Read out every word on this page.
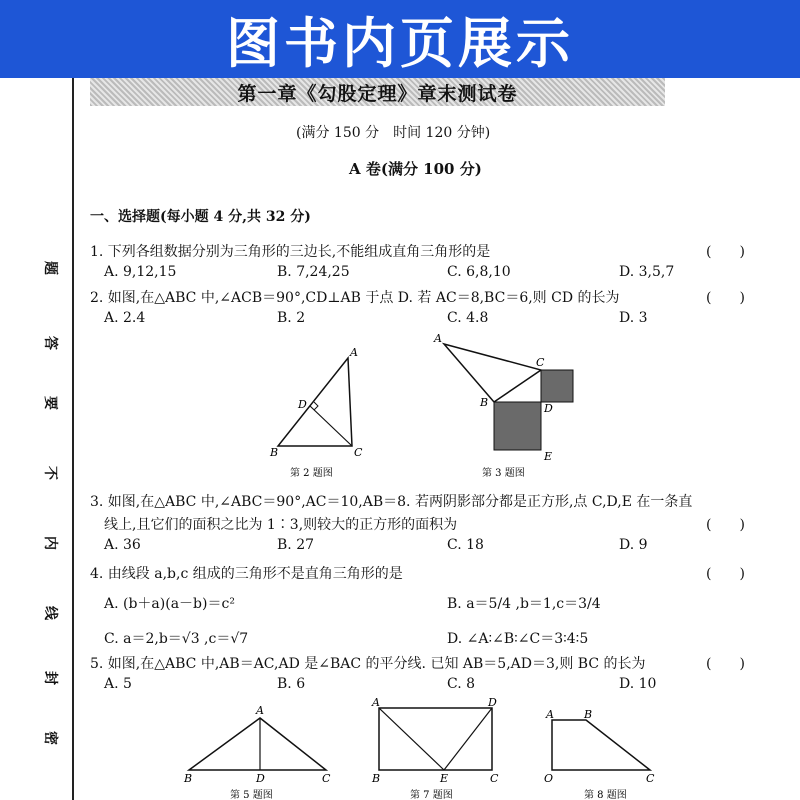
图书内页展示
题
答
要
不
内
线
封
密
第一章《勾股定理》章末测试卷
(满分 150 分　时间 120 分钟)
A 卷(满分 100 分)
一、选择题(每小题 4 分,共 32 分)
1. 下列各组数据分别为三角形的三边长,不能组成直角三角形的是	(　　)
A. 9,12,15	B. 7,24,25	C. 6,8,10	D. 3,5,7
2. 如图,在△ABC 中,∠ACB＝90°,CD⊥AB 于点 D. 若 AC＝8,BC＝6,则 CD 的长为	(　　)
A. 2.4	B. 2	C. 4.8	D. 3
A
B	C
D
第 2 题图
A
B
C
D
E
第 3 题图
3. 如图,在△ABC 中,∠ABC＝90°,AC＝10,AB＝8. 若两阴影部分都是正方形,点 C,D,E 在一条直
线上,且它们的面积之比为 1∶3,则较大的正方形的面积为	(　　)
A. 36	B. 27	C. 18	D. 9
4. 由线段 a,b,c 组成的三角形不是直角三角形的是	(　　)
A. (b＋a)(a－b)＝c²	B. a＝5/4 ,b＝1,c＝3/4
C. a＝2,b＝√3 ,c＝√7	D. ∠A∶∠B∶∠C＝3∶4∶5
5. 如图,在△ABC 中,AB＝AC,AD 是∠BAC 的平分线. 已知 AB＝5,AD＝3,则 BC 的长为	(　　)
A. 5	B. 6	C. 8	D. 10
A
B	D	C
第 5 题图
A	D
B	E	C
第 7 题图
A	B
O	C
第 8 题图
